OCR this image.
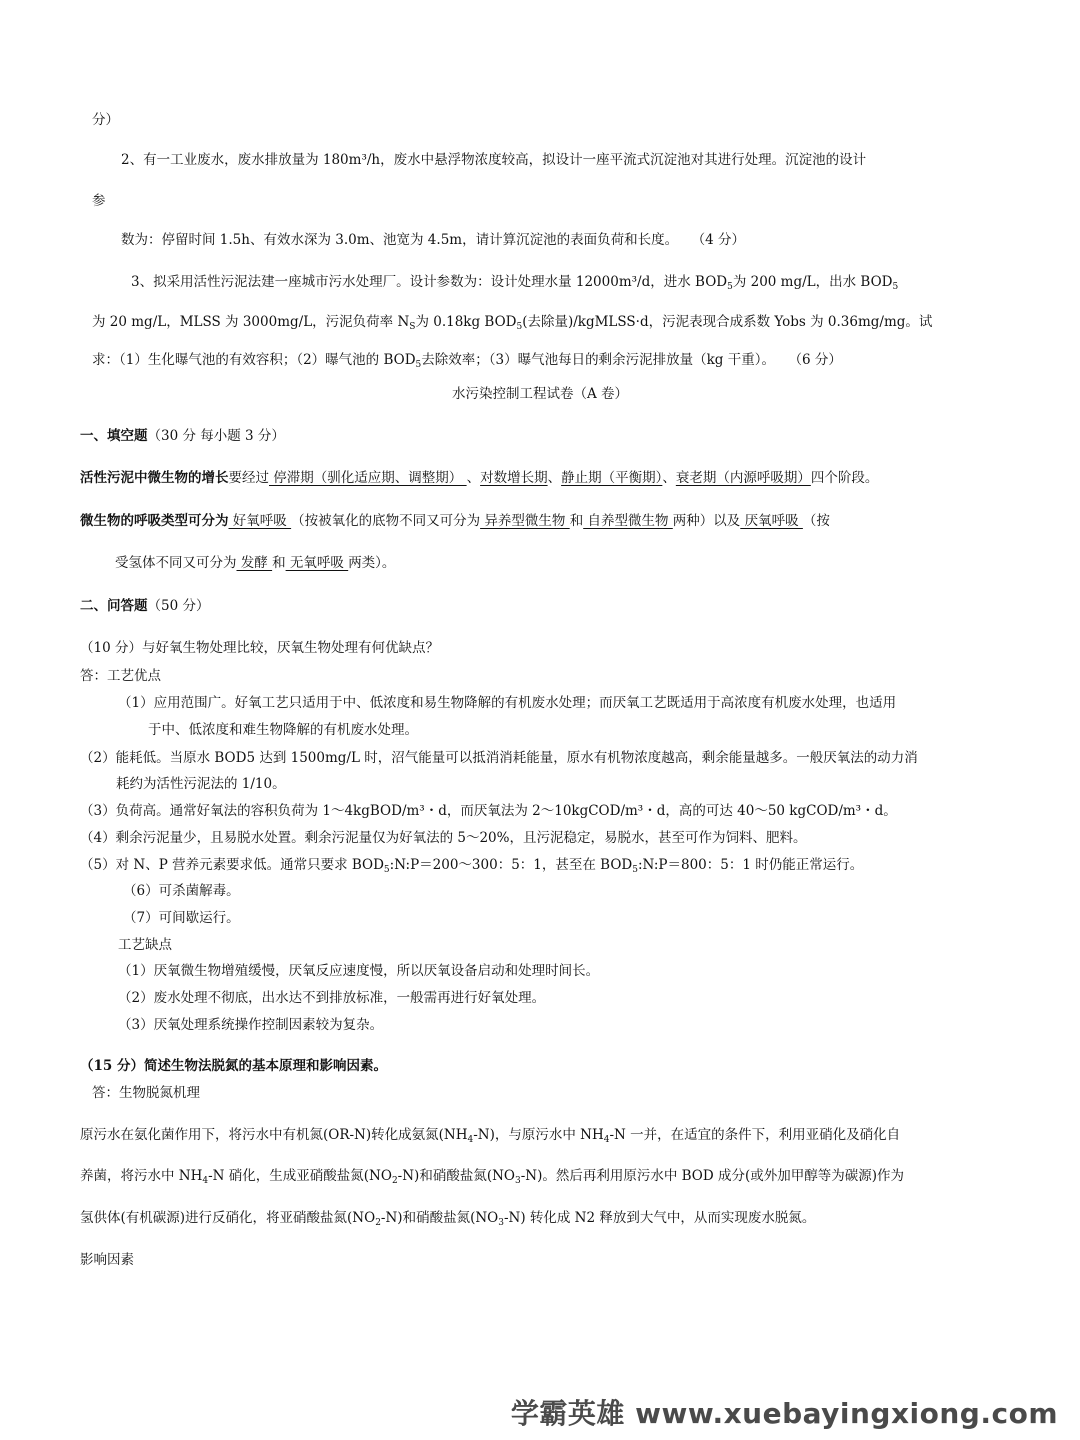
分）
2、有一工业废水，废水排放量为 180m³/h，废水中悬浮物浓度较高，拟设计一座平流式沉淀池对其进行处理。沉淀池的设计
参
数为：停留时间 1.5h、有效水深为 3.0m、池宽为 4.5m，请计算沉淀池的表面负荷和长度。　　（4 分）
3、拟采用活性污泥法建一座城市污水处理厂。设计参数为：设计处理水量 12000m³/d，进水 $BOD_5$为 200 mg/L，出水 $BOD_5$
为 20 mg/L，MLSS 为 3000mg/L，污泥负荷率 $N_S$为 0.18kg $BOD_5$(去除量)/kgMLSS·d，污泥表现合成系数 Yobs 为 0.36mg/mg。试
求：（1）生化曝气池的有效容积；（2）曝气池的 $BOD_5$去除效率；（3）曝气池每日的剩余污泥排放量（kg 干重）。　　（6 分）
水污染控制工程试卷（A 卷）
一、填空题（30 分 每小题 3 分）
活性污泥中微生物的增长要经过 停滞期（驯化适应期、调整期） 、对数增长期、静止期（平衡期）、衰老期（内源呼吸期）四个阶段。
微生物的呼吸类型可分为 好氧呼吸 （按被氧化的底物不同又可分为 异养型微生物 和 自养型微生物 两种）以及 厌氧呼吸 （按
受氢体不同又可分为 发酵 和 无氧呼吸 两类）。
二、问答题（50 分）
（10 分）与好氧生物处理比较，厌氧生物处理有何优缺点？
答：工艺优点
（1）应用范围广。好氧工艺只适用于中、低浓度和易生物降解的有机废水处理；而厌氧工艺既适用于高浓度有机废水处理，也适用
于中、低浓度和难生物降解的有机废水处理。
（2）能耗低。当原水 BOD5 达到 1500mg/L 时，沼气能量可以抵消消耗能量，原水有机物浓度越高，剩余能量越多。一般厌氧法的动力消
耗约为活性污泥法的 1/10。
（3）负荷高。通常好氧法的容积负荷为 1～4kgBOD/m³・d，而厌氧法为 2～10kgCOD/m³・d，高的可达 40～50 kgCOD/m³・d。
（4）剩余污泥量少，且易脱水处置。剩余污泥量仅为好氧法的 5～20%，且污泥稳定，易脱水，甚至可作为饲料、肥料。
（5）对 N、P 营养元素要求低。通常只要求 $BOD_5:N:P=200\sim 300$：5：1，甚至在 $BOD_5:N:P=800$：5：1 时仍能正常运行。
（6）可杀菌解毒。
（7）可间歇运行。
工艺缺点
（1）厌氧微生物增殖缓慢，厌氧反应速度慢，所以厌氧设备启动和处理时间长。
（2）废水处理不彻底，出水达不到排放标准，一般需再进行好氧处理。
（3）厌氧处理系统操作控制因素较为复杂。
（15 分）简述生物法脱氮的基本原理和影响因素。
答：生物脱氮机理
原污水在氨化菌作用下，将污水中有机氮(OR-N)转化成氨氮$(NH_4-N)$，与原污水中 $NH_4-N$ 一并，在适宜的条件下，利用亚硝化及硝化自
养菌，将污水中 $NH_4-N$ 硝化，生成亚硝酸盐氮$(NO_2-N)$和硝酸盐氮$(NO_3-N)$。然后再利用原污水中 BOD 成分(或外加甲醇等为碳源)作为
氢供体(有机碳源)进行反硝化，将亚硝酸盐氮$(NO_2-N)$和硝酸盐氮$(NO_3-N)$ 转化成 N2 释放到大气中，从而实现废水脱氮。
影响因素
学霸英雄 www.xuebayingxiong.com
